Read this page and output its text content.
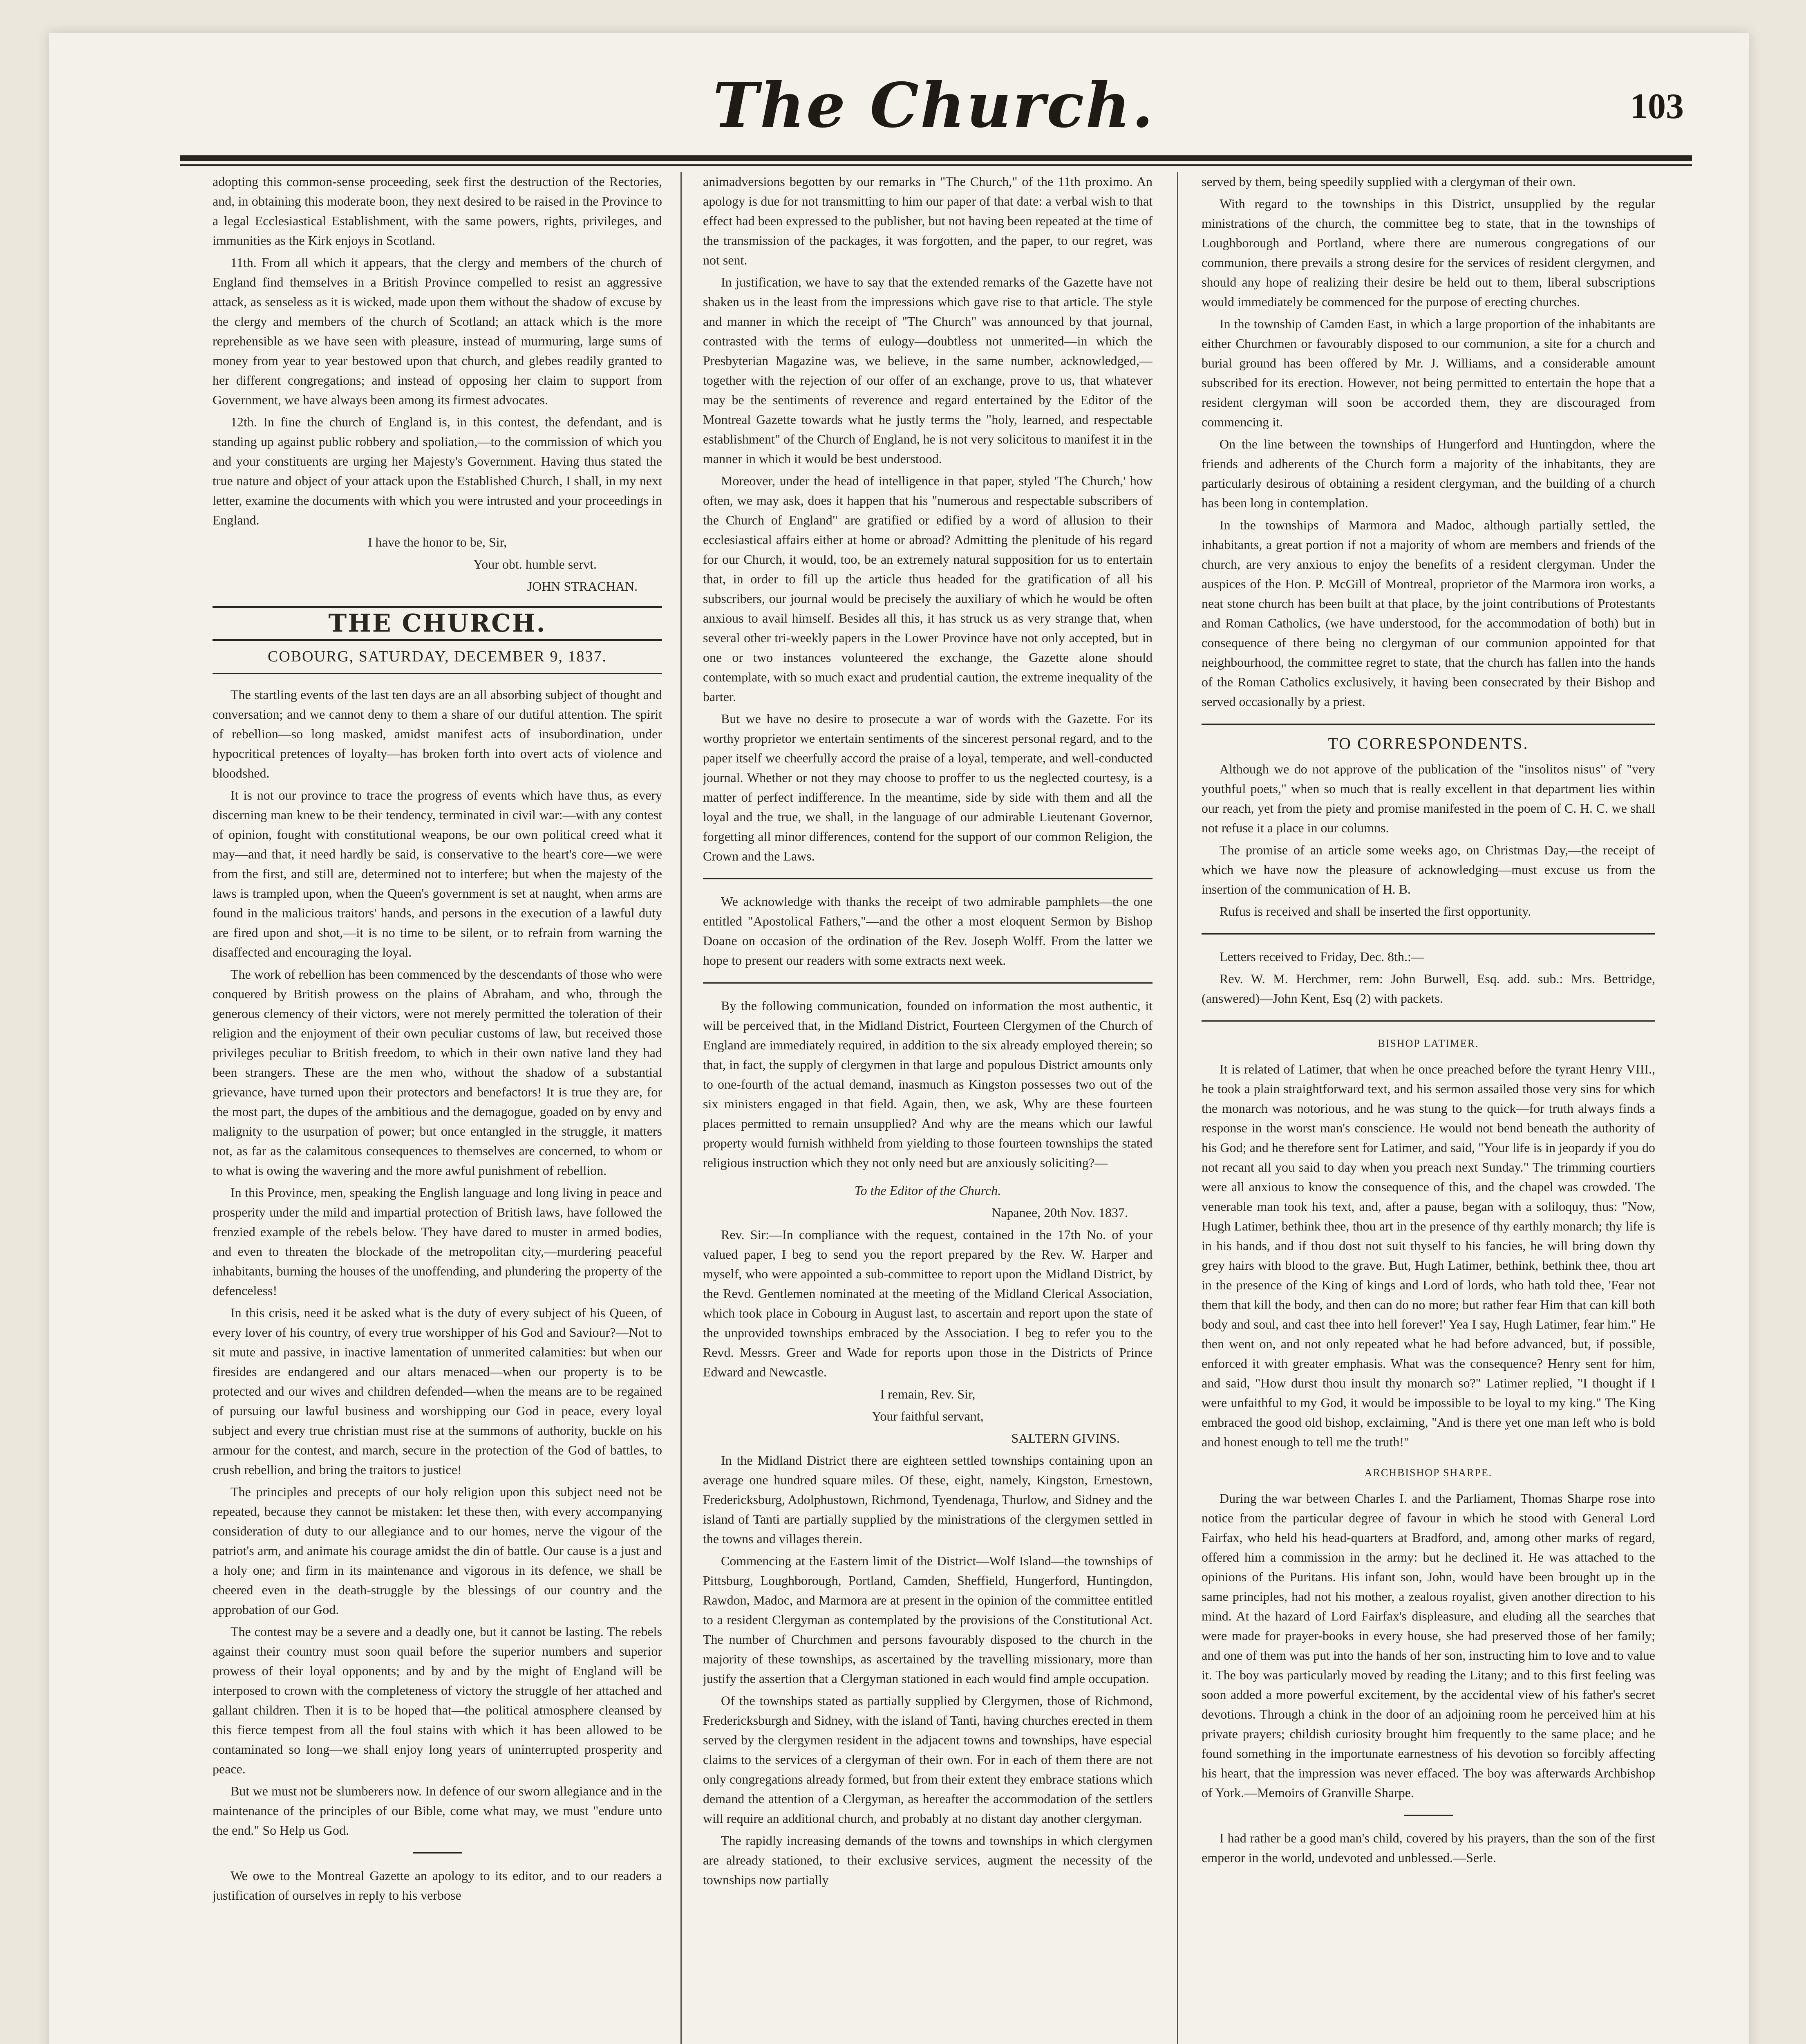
The Church.	103

adopting this common-sense proceeding, seek first the destruction of the Rectories, and, in obtaining this moderate boon, they next desired to be raised in the Province to a legal Ecclesiastical Establishment, with the same powers, rights, privileges, and immunities as the Kirk enjoys in Scotland.

11th. From all which it appears, that the clergy and members of the church of England find themselves in a British Province compelled to resist an aggressive attack, as senseless as it is wicked, made upon them without the shadow of excuse by the clergy and members of the church of Scotland; an attack which is the more reprehensible as we have seen with pleasure, instead of murmuring, large sums of money from year to year bestowed upon that church, and glebes readily granted to her different congregations; and instead of opposing her claim to support from Government, we have always been among its firmest advocates.

12th. In fine the church of England is, in this contest, the defendant, and is standing up against public robbery and spoliation,—to the commission of which you and your constituents are urging her Majesty's Government. Having thus stated the true nature and object of your attack upon the Established Church, I shall, in my next letter, examine the documents with which you were intrusted and your proceedings in England.

I have the honor to be, Sir,

Your obt. humble servt.

JOHN STRACHAN.

THE CHURCH.
COBOURG, SATURDAY, DECEMBER 9, 1837.

The startling events of the last ten days are an all absorbing subject of thought and conversation; and we cannot deny to them a share of our dutiful attention. The spirit of rebellion—so long masked, amidst manifest acts of insubordination, under hypocritical pretences of loyalty—has broken forth into overt acts of violence and bloodshed.

It is not our province to trace the progress of events which have thus, as every discerning man knew to be their tendency, terminated in civil war:—with any contest of opinion, fought with constitutional weapons, be our own political creed what it may—and that, it need hardly be said, is conservative to the heart's core—we were from the first, and still are, determined not to interfere; but when the majesty of the laws is trampled upon, when the Queen's government is set at naught, when arms are found in the malicious traitors' hands, and persons in the execution of a lawful duty are fired upon and shot,—it is no time to be silent, or to refrain from warning the disaffected and encouraging the loyal.

The work of rebellion has been commenced by the descendants of those who were conquered by British prowess on the plains of Abraham, and who, through the generous clemency of their victors, were not merely permitted the toleration of their religion and the enjoyment of their own peculiar customs of law, but received those privileges peculiar to British freedom, to which in their own native land they had been strangers. These are the men who, without the shadow of a substantial grievance, have turned upon their protectors and benefactors! It is true they are, for the most part, the dupes of the ambitious and the demagogue, goaded on by envy and malignity to the usurpation of power; but once entangled in the struggle, it matters not, as far as the calamitous consequences to themselves are concerned, to whom or to what is owing the wavering and the more awful punishment of rebellion.

In this Province, men, speaking the English language and long living in peace and prosperity under the mild and impartial protection of British laws, have followed the frenzied example of the rebels below. They have dared to muster in armed bodies, and even to threaten the blockade of the metropolitan city,—murdering peaceful inhabitants, burning the houses of the unoffending, and plundering the property of the defenceless!

In this crisis, need it be asked what is the duty of every subject of his Queen, of every lover of his country, of every true worshipper of his God and Saviour?—Not to sit mute and passive, in inactive lamentation of unmerited calamities: but when our firesides are endangered and our altars menaced—when our property is to be protected and our wives and children defended—when the means are to be regained of pursuing our lawful business and worshipping our God in peace, every loyal subject and every true christian must rise at the summons of authority, buckle on his armour for the contest, and march, secure in the protection of the God of battles, to crush rebellion, and bring the traitors to justice!

The principles and precepts of our holy religion upon this subject need not be repeated, because they cannot be mistaken: let these then, with every accompanying consideration of duty to our allegiance and to our homes, nerve the vigour of the patriot's arm, and animate his courage amidst the din of battle. Our cause is a just and a holy one; and firm in its maintenance and vigorous in its defence, we shall be cheered even in the death-struggle by the blessings of our country and the approbation of our God.

The contest may be a severe and a deadly one, but it cannot be lasting. The rebels against their country must soon quail before the superior numbers and superior prowess of their loyal opponents; and by and by the might of England will be interposed to crown with the completeness of victory the struggle of her attached and gallant children. Then it is to be hoped that—the political atmosphere cleansed by this fierce tempest from all the foul stains with which it has been allowed to be contaminated so long—we shall enjoy long years of uninterrupted prosperity and peace.

But we must not be slumberers now. In defence of our sworn allegiance and in the maintenance of the principles of our Bible, come what may, we must "endure unto the end." So Help us God.

We owe to the Montreal Gazette an apology to its editor, and to our readers a justification of ourselves in reply to his verbose

animadversions begotten by our remarks in "The Church," of the 11th proximo. An apology is due for not transmitting to him our paper of that date: a verbal wish to that effect had been expressed to the publisher, but not having been repeated at the time of the transmission of the packages, it was forgotten, and the paper, to our regret, was not sent.

In justification, we have to say that the extended remarks of the Gazette have not shaken us in the least from the impressions which gave rise to that article. The style and manner in which the receipt of "The Church" was announced by that journal, contrasted with the terms of eulogy—doubtless not unmerited—in which the Presbyterian Magazine was, we believe, in the same number, acknowledged,—together with the rejection of our offer of an exchange, prove to us, that whatever may be the sentiments of reverence and regard entertained by the Editor of the Montreal Gazette towards what he justly terms the "holy, learned, and respectable establishment" of the Church of England, he is not very solicitous to manifest it in the manner in which it would be best understood.

Moreover, under the head of intelligence in that paper, styled 'The Church,' how often, we may ask, does it happen that his "numerous and respectable subscribers of the Church of England" are gratified or edified by a word of allusion to their ecclesiastical affairs either at home or abroad? Admitting the plenitude of his regard for our Church, it would, too, be an extremely natural supposition for us to entertain that, in order to fill up the article thus headed for the gratification of all his subscribers, our journal would be precisely the auxiliary of which he would be often anxious to avail himself. Besides all this, it has struck us as very strange that, when several other tri-weekly papers in the Lower Province have not only accepted, but in one or two instances volunteered the exchange, the Gazette alone should contemplate, with so much exact and prudential caution, the extreme inequality of the barter.

But we have no desire to prosecute a war of words with the Gazette. For its worthy proprietor we entertain sentiments of the sincerest personal regard, and to the paper itself we cheerfully accord the praise of a loyal, temperate, and well-conducted journal. Whether or not they may choose to proffer to us the neglected courtesy, is a matter of perfect indifference. In the meantime, side by side with them and all the loyal and the true, we shall, in the language of our admirable Lieutenant Governor, forgetting all minor differences, contend for the support of our common Religion, the Crown and the Laws.

We acknowledge with thanks the receipt of two admirable pamphlets—the one entitled "Apostolical Fathers,"—and the other a most eloquent Sermon by Bishop Doane on occasion of the ordination of the Rev. Joseph Wolff. From the latter we hope to present our readers with some extracts next week.

By the following communication, founded on information the most authentic, it will be perceived that, in the Midland District, Fourteen Clergymen of the Church of England are immediately required, in addition to the six already employed therein; so that, in fact, the supply of clergymen in that large and populous District amounts only to one-fourth of the actual demand, inasmuch as Kingston possesses two out of the six ministers engaged in that field. Again, then, we ask, Why are these fourteen places permitted to remain unsupplied? And why are the means which our lawful property would furnish withheld from yielding to those fourteen townships the stated religious instruction which they not only need but are anxiously soliciting?—

To the Editor of the Church.

Napanee, 20th Nov. 1837.

Rev. Sir:—In compliance with the request, contained in the 17th No. of your valued paper, I beg to send you the report prepared by the Rev. W. Harper and myself, who were appointed a sub-committee to report upon the Midland District, by the Revd. Gentlemen nominated at the meeting of the Midland Clerical Association, which took place in Cobourg in August last, to ascertain and report upon the state of the unprovided townships embraced by the Association. I beg to refer you to the Revd. Messrs. Greer and Wade for reports upon those in the Districts of Prince Edward and Newcastle.

I remain, Rev. Sir,

Your faithful servant,

SALTERN GIVINS.

In the Midland District there are eighteen settled townships containing upon an average one hundred square miles. Of these, eight, namely, Kingston, Ernestown, Fredericksburg, Adolphustown, Richmond, Tyendenaga, Thurlow, and Sidney and the island of Tanti are partially supplied by the ministrations of the clergymen settled in the towns and villages therein.

Commencing at the Eastern limit of the District—Wolf Island—the townships of Pittsburg, Loughborough, Portland, Camden, Sheffield, Hungerford, Huntingdon, Rawdon, Madoc, and Marmora are at present in the opinion of the committee entitled to a resident Clergyman as contemplated by the provisions of the Constitutional Act. The number of Churchmen and persons favourably disposed to the church in the majority of these townships, as ascertained by the travelling missionary, more than justify the assertion that a Clergyman stationed in each would find ample occupation.

Of the townships stated as partially supplied by Clergymen, those of Richmond, Fredericksburgh and Sidney, with the island of Tanti, having churches erected in them served by the clergymen resident in the adjacent towns and townships, have especial claims to the services of a clergyman of their own. For in each of them there are not only congregations already formed, but from their extent they embrace stations which demand the attention of a Clergyman, as hereafter the accommodation of the settlers will require an additional church, and probably at no distant day another clergyman.

The rapidly increasing demands of the towns and townships in which clergymen are already stationed, to their exclusive services, augment the necessity of the townships now partially

served by them, being speedily supplied with a clergyman of their own.

With regard to the townships in this District, unsupplied by the regular ministrations of the church, the committee beg to state, that in the townships of Loughborough and Portland, where there are numerous congregations of our communion, there prevails a strong desire for the services of resident clergymen, and should any hope of realizing their desire be held out to them, liberal subscriptions would immediately be commenced for the purpose of erecting churches.

In the township of Camden East, in which a large proportion of the inhabitants are either Churchmen or favourably disposed to our communion, a site for a church and burial ground has been offered by Mr. J. Williams, and a considerable amount subscribed for its erection. However, not being permitted to entertain the hope that a resident clergyman will soon be accorded them, they are discouraged from commencing it.

On the line between the townships of Hungerford and Huntingdon, where the friends and adherents of the Church form a majority of the inhabitants, they are particularly desirous of obtaining a resident clergyman, and the building of a church has been long in contemplation.

In the townships of Marmora and Madoc, although partially settled, the inhabitants, a great portion if not a majority of whom are members and friends of the church, are very anxious to enjoy the benefits of a resident clergyman. Under the auspices of the Hon. P. McGill of Montreal, proprietor of the Marmora iron works, a neat stone church has been built at that place, by the joint contributions of Protestants and Roman Catholics, (we have understood, for the accommodation of both) but in consequence of there being no clergyman of our communion appointed for that neighbourhood, the committee regret to state, that the church has fallen into the hands of the Roman Catholics exclusively, it having been consecrated by their Bishop and served occasionally by a priest.

TO CORRESPONDENTS.

Although we do not approve of the publication of the "insolitos nisus" of "very youthful poets," when so much that is really excellent in that department lies within our reach, yet from the piety and promise manifested in the poem of C. H. C. we shall not refuse it a place in our columns.

The promise of an article some weeks ago, on Christmas Day,—the receipt of which we have now the pleasure of acknowledging—must excuse us from the insertion of the communication of H. B.

Rufus is received and shall be inserted the first opportunity.

Letters received to Friday, Dec. 8th.:—

Rev. W. M. Herchmer, rem: John Burwell, Esq. add. sub.: Mrs. Bettridge, (answered)—John Kent, Esq (2) with packets.

BISHOP LATIMER.

It is related of Latimer, that when he once preached before the tyrant Henry VIII., he took a plain straightforward text, and his sermon assailed those very sins for which the monarch was notorious, and he was stung to the quick—for truth always finds a response in the worst man's conscience. He would not bend beneath the authority of his God; and he therefore sent for Latimer, and said, "Your life is in jeopardy if you do not recant all you said to day when you preach next Sunday." The trimming courtiers were all anxious to know the consequence of this, and the chapel was crowded. The venerable man took his text, and, after a pause, began with a soliloquy, thus: "Now, Hugh Latimer, bethink thee, thou art in the presence of thy earthly monarch; thy life is in his hands, and if thou dost not suit thyself to his fancies, he will bring down thy grey hairs with blood to the grave. But, Hugh Latimer, bethink, bethink thee, thou art in the presence of the King of kings and Lord of lords, who hath told thee, 'Fear not them that kill the body, and then can do no more; but rather fear Him that can kill both body and soul, and cast thee into hell forever!' Yea I say, Hugh Latimer, fear him." He then went on, and not only repeated what he had before advanced, but, if possible, enforced it with greater emphasis. What was the consequence? Henry sent for him, and said, "How durst thou insult thy monarch so?" Latimer replied, "I thought if I were unfaithful to my God, it would be impossible to be loyal to my king." The King embraced the good old bishop, exclaiming, "And is there yet one man left who is bold and honest enough to tell me the truth!"

ARCHBISHOP SHARPE.

During the war between Charles I. and the Parliament, Thomas Sharpe rose into notice from the particular degree of favour in which he stood with General Lord Fairfax, who held his head-quarters at Bradford, and, among other marks of regard, offered him a commission in the army: but he declined it. He was attached to the opinions of the Puritans. His infant son, John, would have been brought up in the same principles, had not his mother, a zealous royalist, given another direction to his mind. At the hazard of Lord Fairfax's displeasure, and eluding all the searches that were made for prayer-books in every house, she had preserved those of her family; and one of them was put into the hands of her son, instructing him to love and to value it. The boy was particularly moved by reading the Litany; and to this first feeling was soon added a more powerful excitement, by the accidental view of his father's secret devotions. Through a chink in the door of an adjoining room he perceived him at his private prayers; childish curiosity brought him frequently to the same place; and he found something in the importunate earnestness of his devotion so forcibly affecting his heart, that the impression was never effaced. The boy was afterwards Archbishop of York.—Memoirs of Granville Sharpe.

I had rather be a good man's child, covered by his prayers, than the son of the first emperor in the world, undevoted and unblessed.—Serle.
